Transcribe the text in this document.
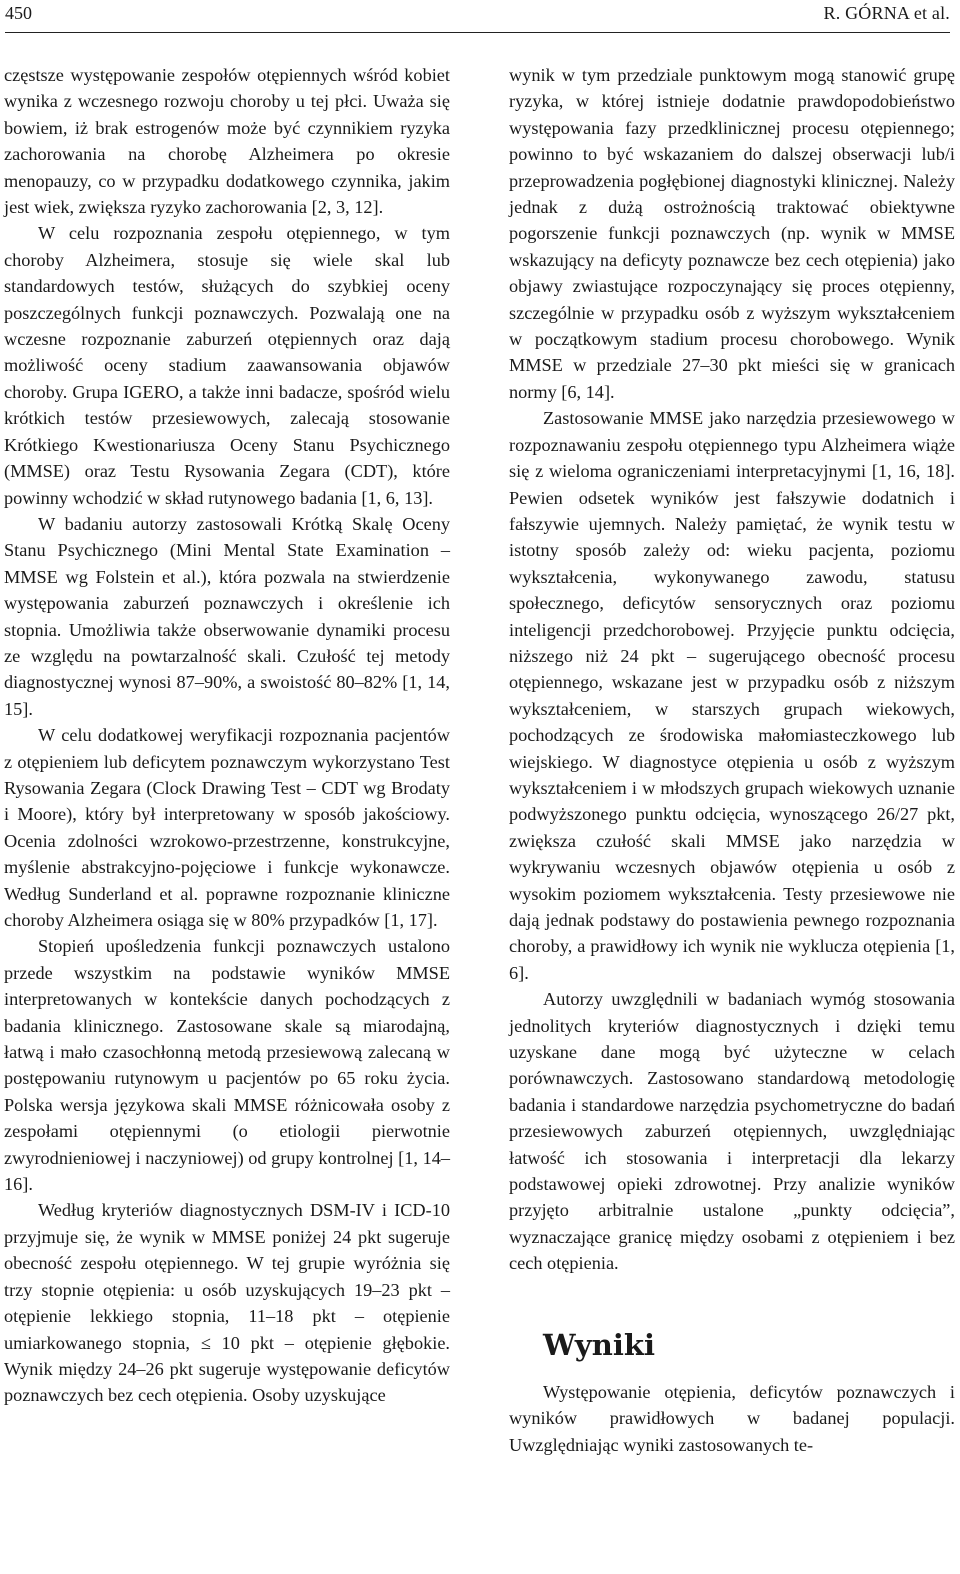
450	R. GÓRNA et al.

częstsze występowanie zespołów otępiennych wśród kobiet wynika z wczesnego rozwoju choroby u tej płci. Uważa się bowiem, iż brak estrogenów może być czynnikiem ryzyka zachorowania na chorobę Alzheimera po okresie menopauzy, co w przypadku dodatkowego czynnika, jakim jest wiek, zwiększa ryzyko zachorowania [2, 3, 12].

W celu rozpoznania zespołu otępiennego, w tym choroby Alzheimera, stosuje się wiele skal lub standardowych testów, służących do szybkiej oceny poszczególnych funkcji poznawczych. Pozwalają one na wczesne rozpoznanie zaburzeń otępiennych oraz dają możliwość oceny stadium zaawansowania objawów choroby. Grupa IGERO, a także inni badacze, spośród wielu krótkich testów przesiewowych, zalecają stosowanie Krótkiego Kwestionariusza Oceny Stanu Psychicznego (MMSE) oraz Testu Rysowania Zegara (CDT), które powinny wchodzić w skład rutynowego badania [1, 6, 13].

W badaniu autorzy zastosowali Krótką Skalę Oceny Stanu Psychicznego (Mini Mental State Examination – MMSE wg Folstein et al.), która pozwala na stwierdzenie występowania zaburzeń poznawczych i określenie ich stopnia. Umożliwia także obserwowanie dynamiki procesu ze względu na powtarzalność skali. Czułość tej metody diagnostycznej wynosi 87–90%, a swoistość 80–82% [1, 14, 15].

W celu dodatkowej weryfikacji rozpoznania pacjentów z otępieniem lub deficytem poznawczym wykorzystano Test Rysowania Zegara (Clock Drawing Test – CDT wg Brodaty i Moore), który był interpretowany w sposób jakościowy. Ocenia zdolności wzrokowo-przestrzenne, konstrukcyjne, myślenie abstrakcyjno-pojęciowe i funkcje wykonawcze. Według Sunderland et al. poprawne rozpoznanie kliniczne choroby Alzheimera osiąga się w 80% przypadków [1, 17].

Stopień upośledzenia funkcji poznawczych ustalono przede wszystkim na podstawie wyników MMSE interpretowanych w kontekście danych pochodzących z badania klinicznego. Zastosowane skale są miarodajną, łatwą i mało czasochłonną metodą przesiewową zalecaną w postępowaniu rutynowym u pacjentów po 65 roku życia. Polska wersja językowa skali MMSE różnicowała osoby z zespołami otępiennymi (o etiologii pierwotnie zwyrodnieniowej i naczyniowej) od grupy kontrolnej [1, 14–16].

Według kryteriów diagnostycznych DSM-IV i ICD-10 przyjmuje się, że wynik w MMSE poniżej 24 pkt sugeruje obecność zespołu otępiennego. W tej grupie wyróżnia się trzy stopnie otępienia: u osób uzyskujących 19–23 pkt – otępienie lekkiego stopnia, 11–18 pkt – otępienie umiarkowanego stopnia, ≤ 10 pkt – otępienie głębokie. Wynik między 24–26 pkt sugeruje występowanie deficytów poznawczych bez cech otępienia. Osoby uzyskujące

wynik w tym przedziale punktowym mogą stanowić grupę ryzyka, w której istnieje dodatnie prawdopodobieństwo występowania fazy przedklinicznej procesu otępiennego; powinno to być wskazaniem do dalszej obserwacji lub/i przeprowadzenia pogłębionej diagnostyki klinicznej. Należy jednak z dużą ostrożnością traktować obiektywne pogorszenie funkcji poznawczych (np. wynik w MMSE wskazujący na deficyty poznawcze bez cech otępienia) jako objawy zwiastujące rozpoczynający się proces otępienny, szczególnie w przypadku osób z wyższym wykształceniem w początkowym stadium procesu chorobowego. Wynik MMSE w przedziale 27–30 pkt mieści się w granicach normy [6, 14].

Zastosowanie MMSE jako narzędzia przesiewowego w rozpoznawaniu zespołu otępiennego typu Alzheimera wiąże się z wieloma ograniczeniami interpretacyjnymi [1, 16, 18]. Pewien odsetek wyników jest fałszywie dodatnich i fałszywie ujemnych. Należy pamiętać, że wynik testu w istotny sposób zależy od: wieku pacjenta, poziomu wykształcenia, wykonywanego zawodu, statusu społecznego, deficytów sensorycznych oraz poziomu inteligencji przedchorobowej. Przyjęcie punktu odcięcia, niższego niż 24 pkt – sugerującego obecność procesu otępiennego, wskazane jest w przypadku osób z niższym wykształceniem, w starszych grupach wiekowych, pochodzących ze środowiska małomiasteczkowego lub wiejskiego. W diagnostyce otępienia u osób z wyższym wykształceniem i w młodszych grupach wiekowych uznanie podwyższonego punktu odcięcia, wynoszącego 26/27 pkt, zwiększa czułość skali MMSE jako narzędzia w wykrywaniu wczesnych objawów otępienia u osób z wysokim poziomem wykształcenia. Testy przesiewowe nie dają jednak podstawy do postawienia pewnego rozpoznania choroby, a prawidłowy ich wynik nie wyklucza otępienia [1, 6].

Autorzy uwzględnili w badaniach wymóg stosowania jednolitych kryteriów diagnostycznych i dzięki temu uzyskane dane mogą być użyteczne w celach porównawczych. Zastosowano standardową metodologię badania i standardowe narzędzia psychometryczne do badań przesiewowych zaburzeń otępiennych, uwzględniając łatwość ich stosowania i interpretacji dla lekarzy podstawowej opieki zdrowotnej. Przy analizie wyników przyjęto arbitralnie ustalone „punkty odcięcia”, wyznaczające granicę między osobami z otępieniem i bez cech otępienia.

Wyniki

Występowanie otępienia, deficytów poznawczych i wyników prawidłowych w badanej populacji. Uwzględniając wyniki zastosowanych te-
